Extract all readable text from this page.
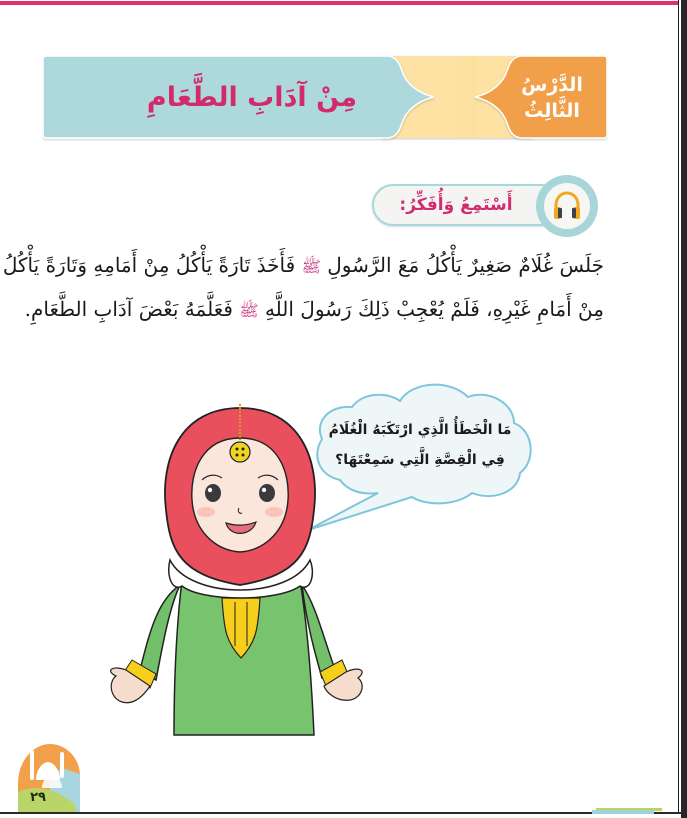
مِنْ آدَابِ الطَّعَامِ	الدَّرْسُ
الثَّالِثُ
أَسْتَمِعُ وَأُفَكِّرُ:
جَلَسَ غُلَامٌ صَغِيرٌ يَأْكُلُ مَعَ الرَّسُولِ ﷺ فَأَخَذَ تَارَةً يَأْكُلُ مِنْ أَمَامِهِ وَتَارَةً يَأْكُلُ
مِنْ أَمَامِ غَيْرِهِ، فَلَمْ يُعْجِبْ ذَلِكَ رَسُولَ اللَّهِ ﷺ فَعَلَّمَهُ بَعْضَ آدَابِ الطَّعَامِ.
مَا الْخَطَأُ الَّذِي ارْتَكَبَهُ الْغُلَامُ
فِي الْقِصَّةِ الَّتِي سَمِعْتَهَا؟
٢٩
